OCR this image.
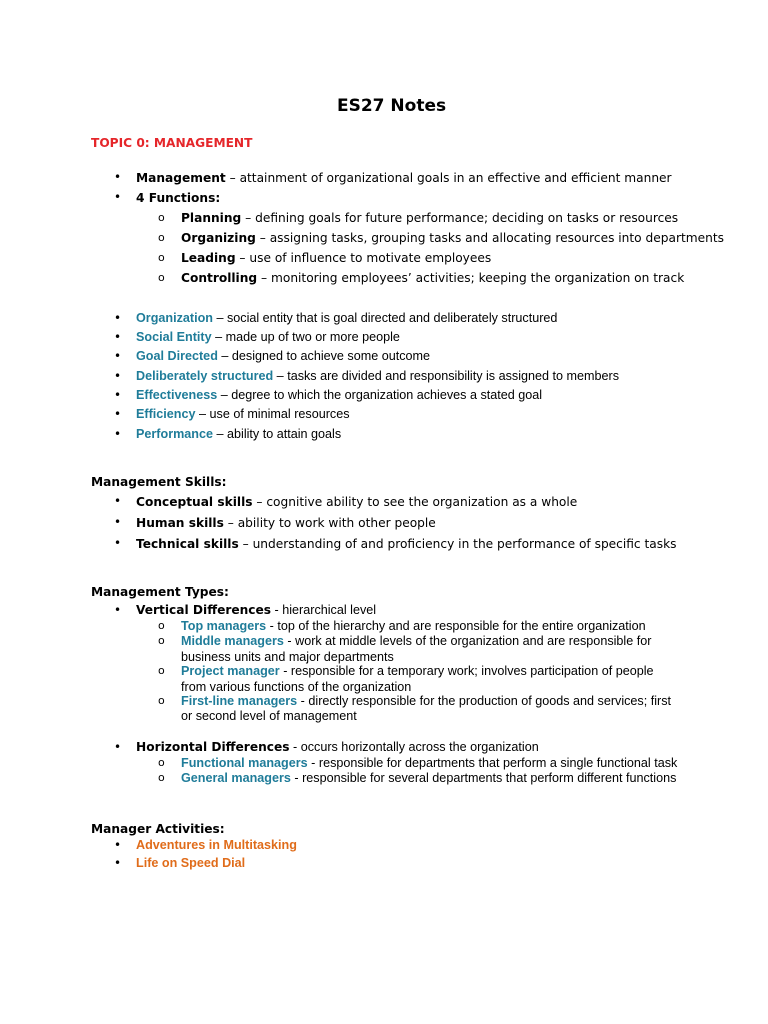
ES27 Notes
TOPIC 0: MANAGEMENT
• Management – attainment of organizational goals in an effective and efficient manner
• 4 Functions:
o Planning – defining goals for future performance; deciding on tasks or resources
o Organizing – assigning tasks, grouping tasks and allocating resources into departments
o Leading – use of influence to motivate employees
o Controlling – monitoring employees’ activities; keeping the organization on track
• Organization – social entity that is goal directed and deliberately structured
• Social Entity – made up of two or more people
• Goal Directed – designed to achieve some outcome
• Deliberately structured – tasks are divided and responsibility is assigned to members
• Effectiveness – degree to which the organization achieves a stated goal
• Efficiency – use of minimal resources
• Performance – ability to attain goals
Management Skills:
• Conceptual skills – cognitive ability to see the organization as a whole
• Human skills – ability to work with other people
• Technical skills – understanding of and proficiency in the performance of specific tasks
Management Types:
• Vertical Differences - hierarchical level
o Top managers - top of the hierarchy and are responsible for the entire organization
o Middle managers - work at middle levels of the organization and are responsible for
business units and major departments
o Project manager - responsible for a temporary work; involves participation of people
from various functions of the organization
o First-line managers - directly responsible for the production of goods and services; first
or second level of management
• Horizontal Differences - occurs horizontally across the organization
o Functional managers - responsible for departments that perform a single functional task
o General managers - responsible for several departments that perform different functions
Manager Activities:
• Adventures in Multitasking
• Life on Speed Dial
